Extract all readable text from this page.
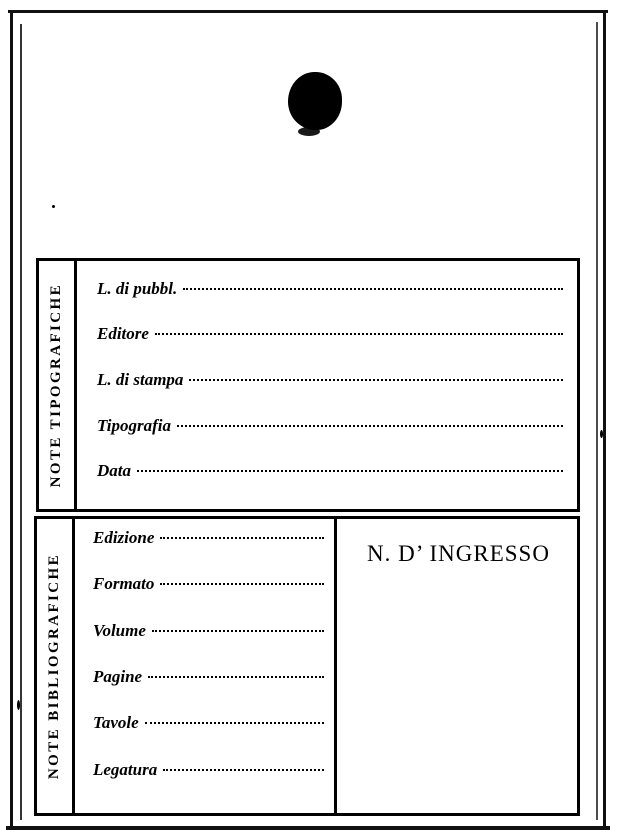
NOTE TIPOGRAFICHE L. di pubbl.
Editore
L. di stampa
Tipografia
Data
NOTE BIBLIOGRAFICHE
Edizione
Formato
Volume
Pagine
Tavole
Legatura
N. D’ INGRESSO
